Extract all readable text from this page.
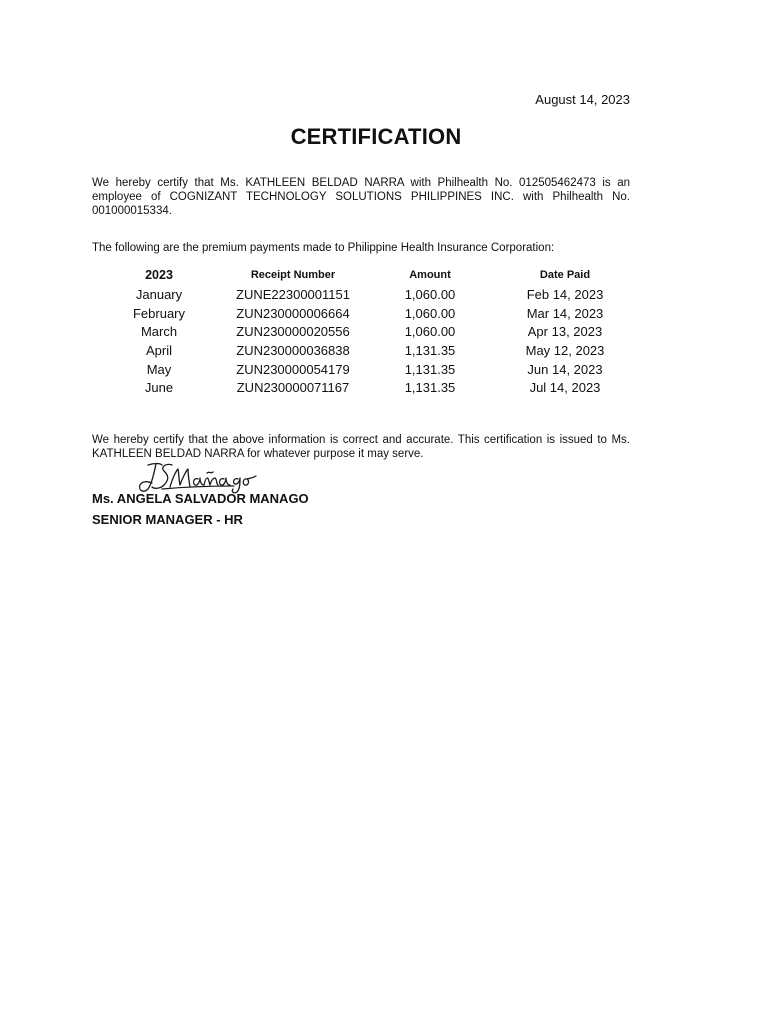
August 14, 2023
CERTIFICATION
We hereby certify that Ms. KATHLEEN BELDAD NARRA with Philhealth No. 012505462473 is an employee of COGNIZANT TECHNOLOGY SOLUTIONS PHILIPPINES INC. with Philhealth No. 001000015334.
The following are the premium payments made to Philippine Health Insurance Corporation:
2023	Receipt Number	Amount	Date Paid
January	ZUNE22300001151	1,060.00	Feb 14, 2023
February	ZUN230000006664	1,060.00	Mar 14, 2023
March	ZUN230000020556	1,060.00	Apr 13, 2023
April	ZUN230000036838	1,131.35	May 12, 2023
May	ZUN230000054179	1,131.35	Jun 14, 2023
June	ZUN230000071167	1,131.35	Jul 14, 2023
We hereby certify that the above information is correct and accurate. This certification is issued to Ms. KATHLEEN BELDAD NARRA for whatever purpose it may serve.
Ms. ANGELA SALVADOR MANAGO
SENIOR MANAGER - HR
